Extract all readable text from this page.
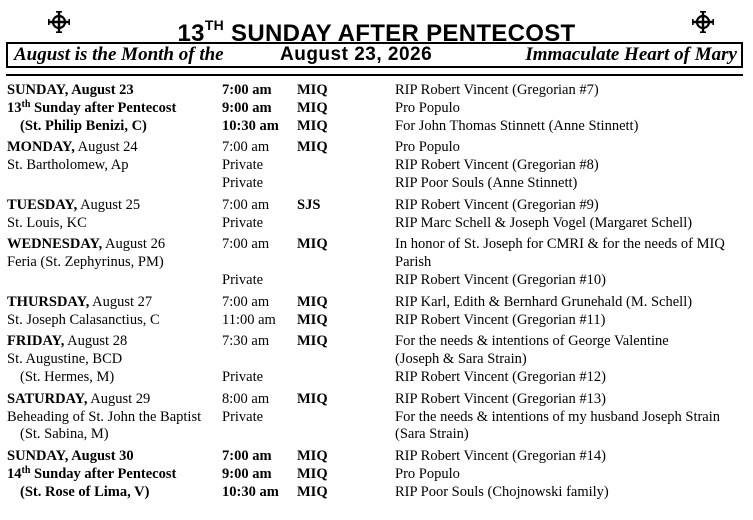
13TH SUNDAY AFTER PENTECOST
August is the Month of the	August 23, 2026	Immaculate Heart of Mary
SUNDAY, August 23	7:00 am MIQ	RIP Robert Vincent (Gregorian #7)
13th Sunday after Pentecost	9:00 am MIQ	Pro Populo
(St. Philip Benizi, C)	10:30 am MIQ	For John Thomas Stinnett (Anne Stinnett)
MONDAY, August 24	7:00 am MIQ	Pro Populo
St. Bartholomew, Ap	Private	RIP Robert Vincent (Gregorian #8)
Private	RIP Poor Souls (Anne Stinnett)
TUESDAY, August 25	7:00 am SJS	RIP Robert Vincent (Gregorian #9)
St. Louis, KC	Private	RIP Marc Schell & Joseph Vogel (Margaret Schell)
WEDNESDAY, August 26	7:00 am MIQ	In honor of St. Joseph for CMRI & for the needs of MIQ
Feria (St. Zephyrinus, PM)	Parish
Private	RIP Robert Vincent (Gregorian #10)
THURSDAY, August 27	7:00 am MIQ	RIP Karl, Edith & Bernhard Grunehald (M. Schell)
St. Joseph Calasanctius, C	11:00 am MIQ	RIP Robert Vincent (Gregorian #11)
FRIDAY, August 28	7:30 am MIQ	For the needs & intentions of George Valentine
St. Augustine, BCD	(Joseph & Sara Strain)
(St. Hermes, M)	Private	RIP Robert Vincent (Gregorian #12)
SATURDAY, August 29	8:00 am MIQ	RIP Robert Vincent (Gregorian #13)
Beheading of St. John the Baptist Private	For the needs & intentions of my husband Joseph Strain
(St. Sabina, M)	(Sara Strain)
SUNDAY, August 30	7:00 am MIQ	RIP Robert Vincent (Gregorian #14)
14th Sunday after Pentecost	9:00 am MIQ	Pro Populo
(St. Rose of Lima, V)	10:30 am MIQ	RIP Poor Souls (Chojnowski family)
